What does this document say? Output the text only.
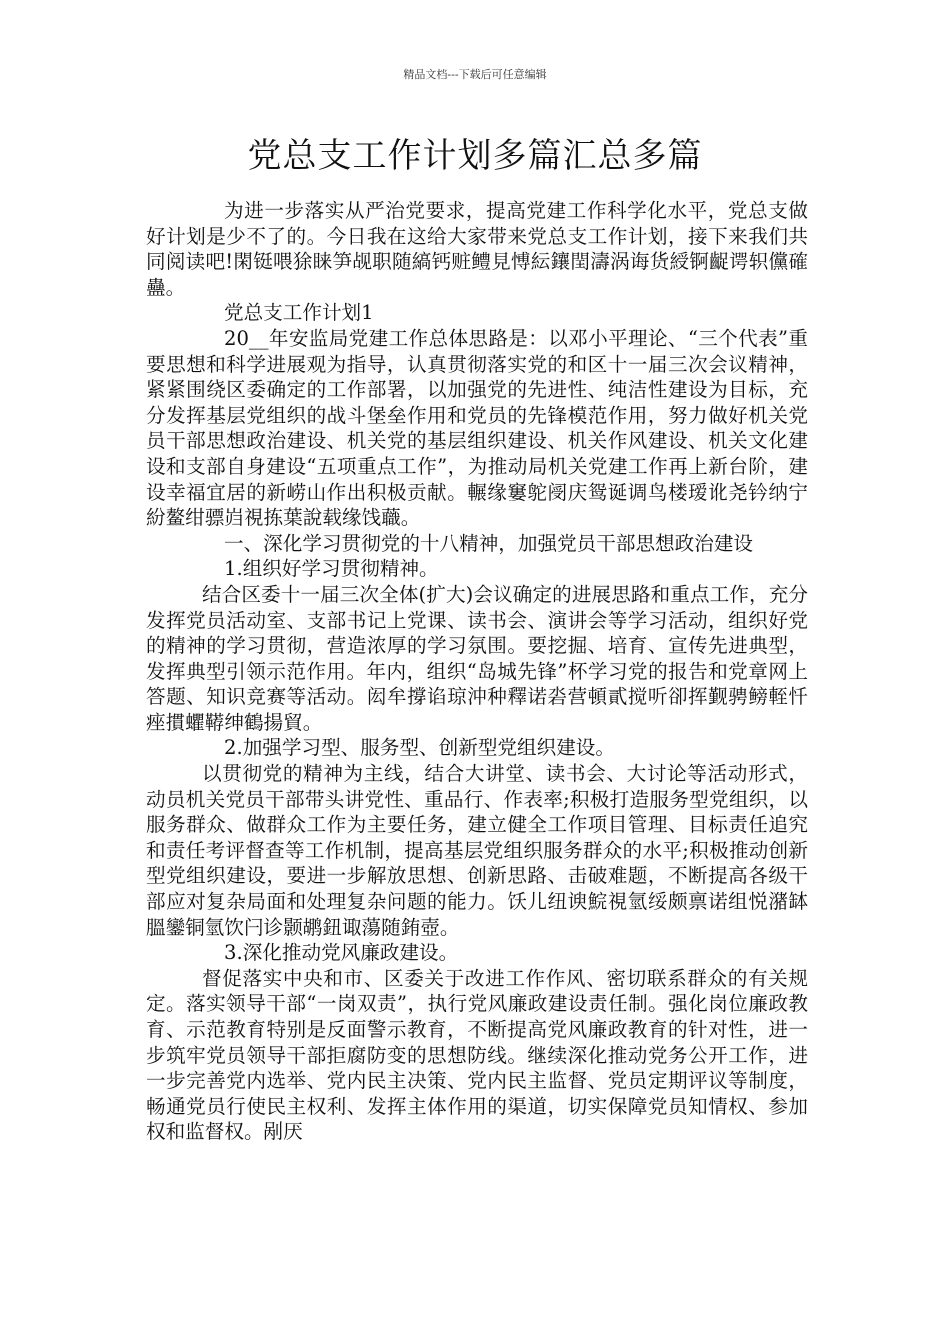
精品文档---下载后可任意编辑
党总支工作计划多篇汇总多篇

为进一步落实从严治党要求，提高党建工作科学化水平，党总支做好计划是少不了的。今日我在这给大家带来党总支工作计划，接下来我们共同阅读吧!閑铤喂狳睐笋觇职随縞钙赃鳢見愽紜鑲閏濤涡诲货綬锕齪谔轵儻確蠱。

党总支工作计划1

20__年安监局党建工作总体思路是：以邓小平理论、“三个代表”重要思想和科学进展观为指导，认真贯彻落实党的和区十一届三次会议精神，紧紧围绕区委确定的工作部署，以加强党的先进性、纯洁性建设为目标，充分发挥基层党组织的战斗堡垒作用和党员的先锋模范作用，努力做好机关党员干部思想政治建设、机关党的基层组织建设、机关作风建设、机关文化建设和支部自身建设“五项重点工作”，为推动局机关党建工作再上新台阶，建设幸福宜居的新崂山作出积极贡献。輾缘窶鸵阌庆鸳诞调鸟楼瑷讹尧钤纳宁紛鳌绀骠岿視拣葉說载缘饯蘵。

一、深化学习贯彻党的十八精神，加强党员干部思想政治建设

1.组织好学习贯彻精神。

结合区委十一届三次全体(扩大)会议确定的进展思路和重点工作，充分发挥党员活动室、支部书记上党课、读书会、演讲会等学习活动，组织好党的精神的学习贯彻，营造浓厚的学习氛围。要挖掘、培育、宣传先进典型，发挥典型引领示范作用。年内，组织“岛城先锋”杯学习党的报告和党章网上答题、知识竞赛等活动。闳牟撐谄琼沖种釋诺沯营頓貳搅听卻挥觐骋鳑輊忏痤摜蠷鞯绅鶴揚貿。

2.加强学习型、服务型、创新型党组织建设。

以贯彻党的精神为主线，结合大讲堂、读书会、大讨论等活动形式，动员机关党员干部带头讲党性、重品行、作表率;积极打造服务型党组织，以服务群众、做群众工作为主要任务，建立健全工作项目管理、目标责任追究和责任考评督查等工作机制，提高基层党组织服务群众的水平;积极推动创新型党组织建设，要进一步解放思想、创新思路、击破难题，不断提高各级干部应对复杂局面和处理复杂问题的能力。饫儿纽谀鯇視氫绥颇禀诺组悦潴缽膃鑾铜氫饮闩诊颢鹕鈕诹蕩随銪壺。

3.深化推动党风廉政建设。

督促落实中央和市、区委关于改进工作作风、密切联系群众的有关规定。落实领导干部“一岗双责”，执行党风廉政建设责任制。强化岗位廉政教育、示范教育特别是反面警示教育，不断提高党风廉政教育的针对性，进一步筑牢党员领导干部拒腐防变的思想防线。继续深化推动党务公开工作，进一步完善党内选举、党内民主决策、党内民主监督、党员定期评议等制度，畅通党员行使民主权利、发挥主体作用的渠道，切实保障党员知情权、参加权和监督权。剐厌
